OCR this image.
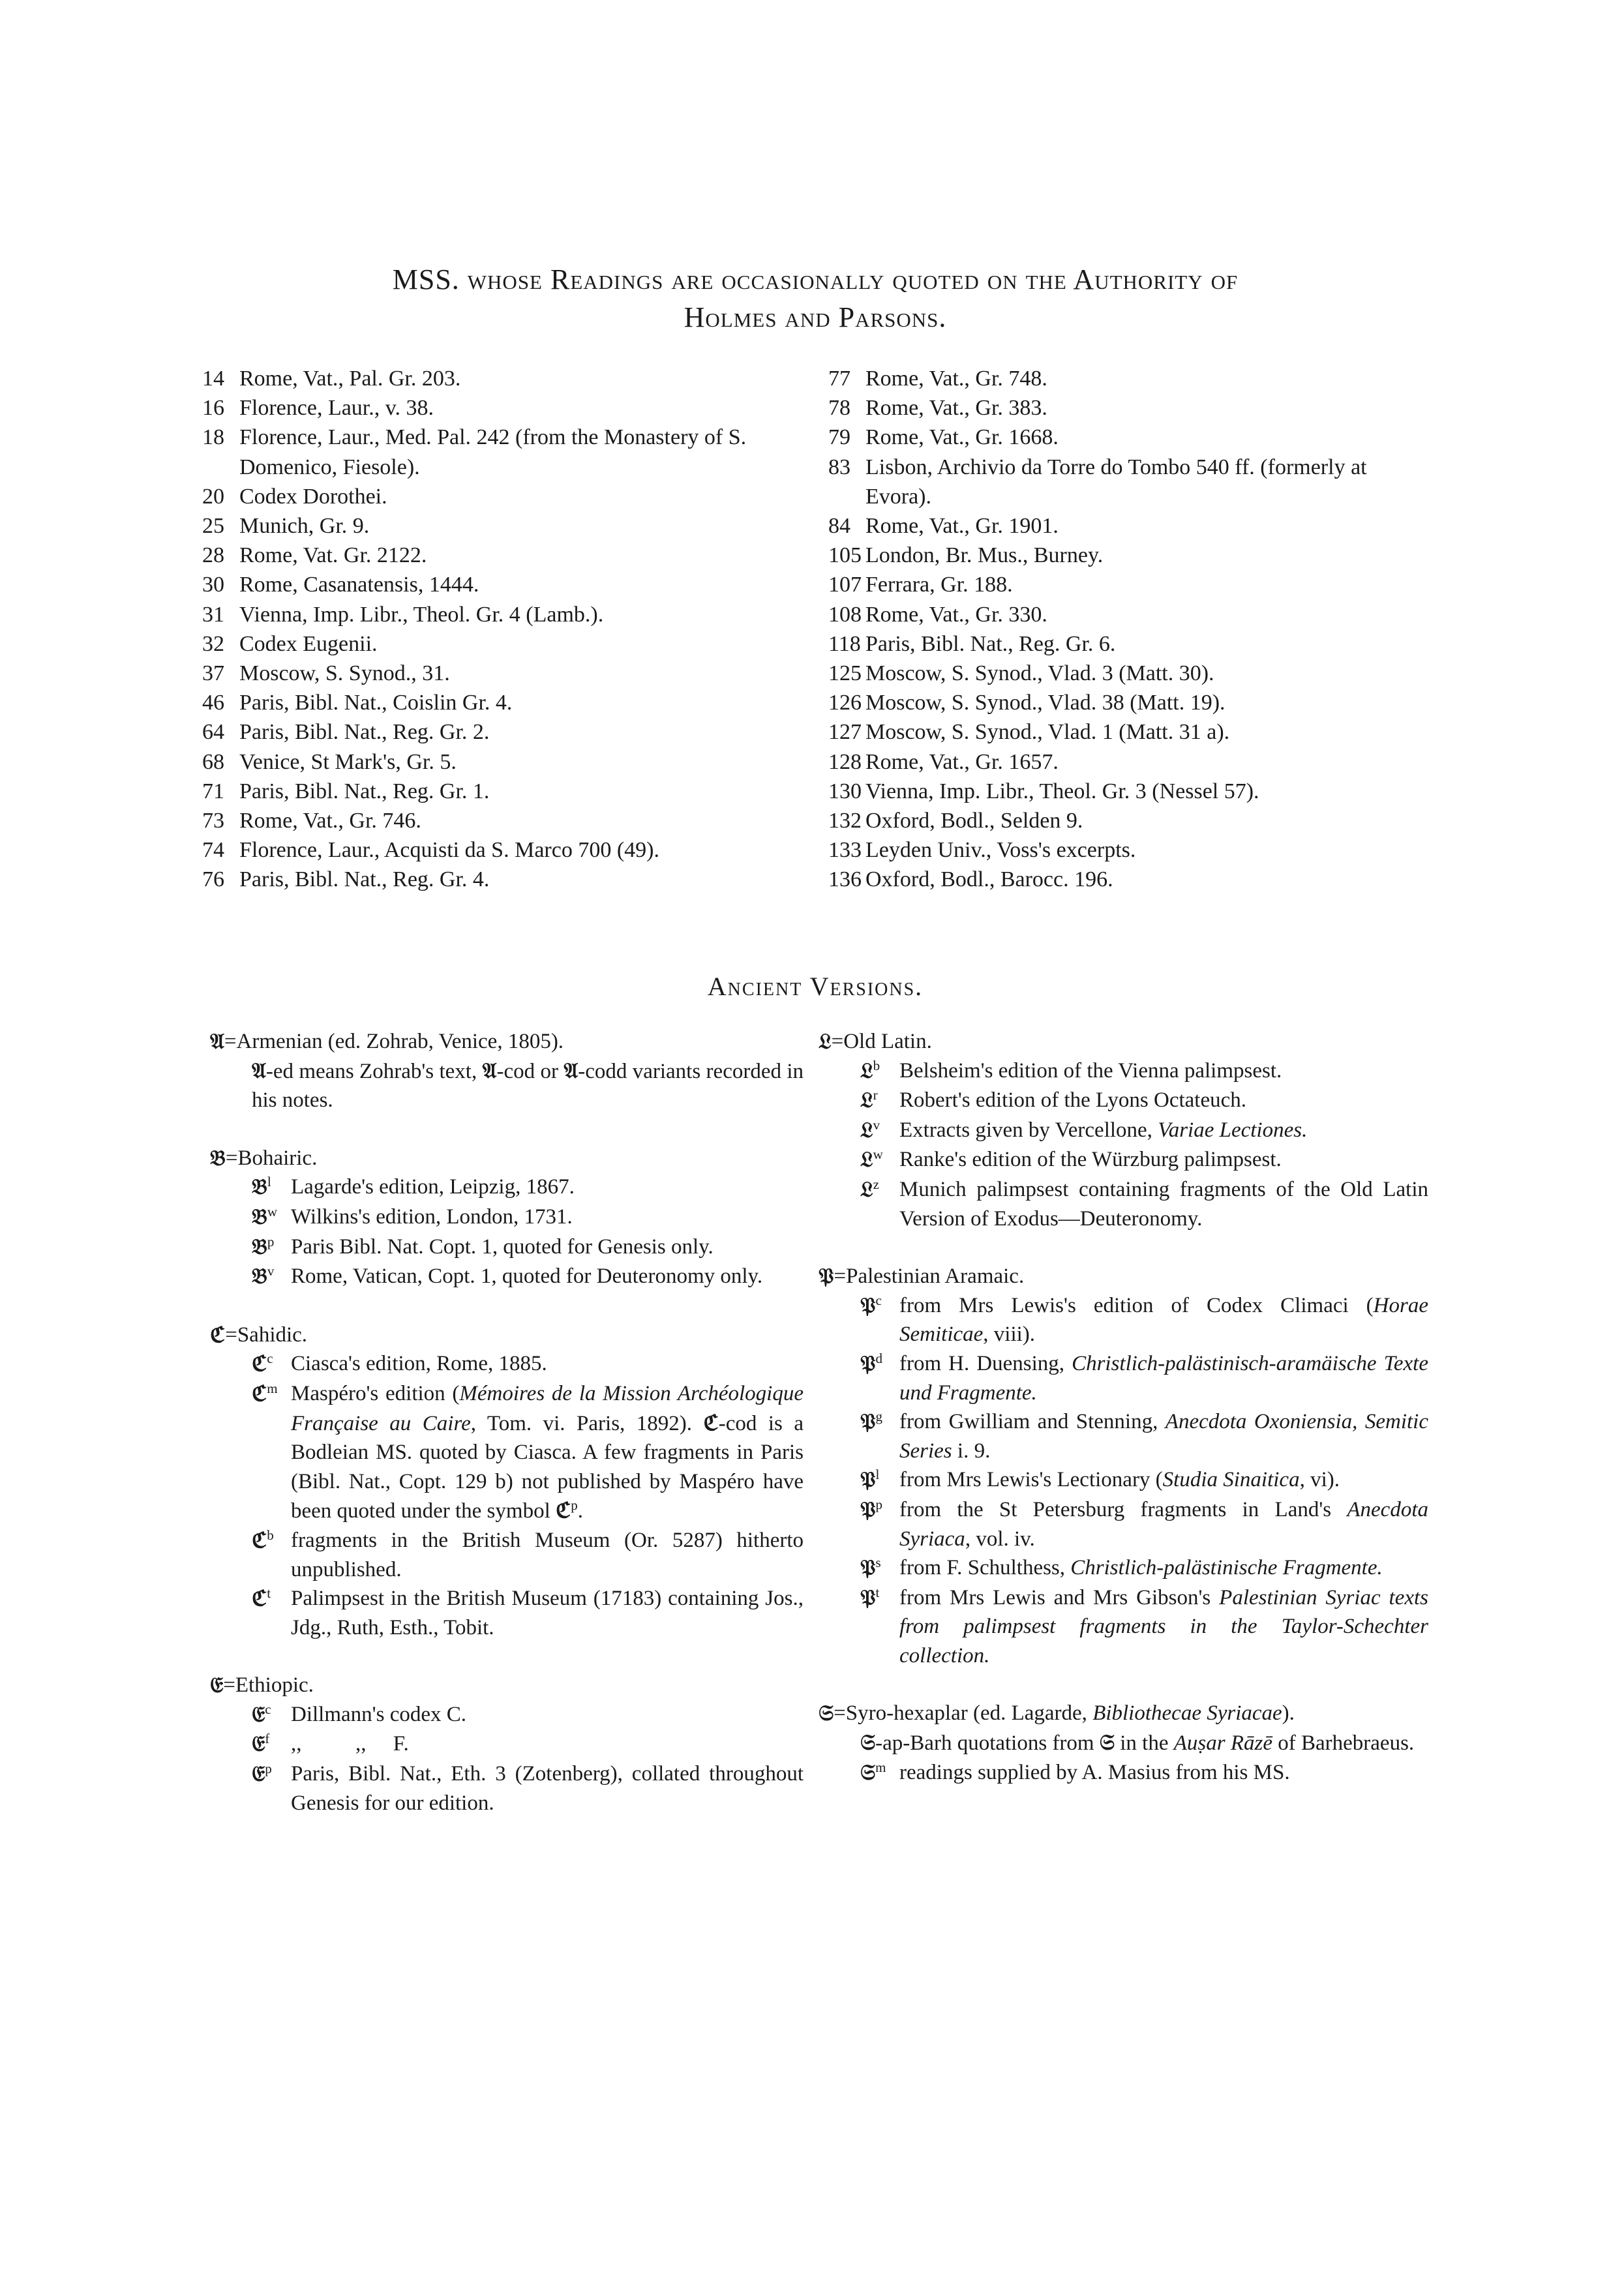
MSS. whose Readings are occasionally quoted on the Authority of
Holmes and Parsons.
14 Rome, Vat., Pal. Gr. 203.
16 Florence, Laur., v. 38.
18 Florence, Laur., Med. Pal. 242 (from the Monastery of S. Domenico, Fiesole).
20 Codex Dorothei.
25 Munich, Gr. 9.
28 Rome, Vat. Gr. 2122.
30 Rome, Casanatensis, 1444.
31 Vienna, Imp. Libr., Theol. Gr. 4 (Lamb.).
32 Codex Eugenii.
37 Moscow, S. Synod., 31.
46 Paris, Bibl. Nat., Coislin Gr. 4.
64 Paris, Bibl. Nat., Reg. Gr. 2.
68 Venice, St Mark's, Gr. 5.
71 Paris, Bibl. Nat., Reg. Gr. 1.
73 Rome, Vat., Gr. 746.
74 Florence, Laur., Acquisti da S. Marco 700 (49).
76 Paris, Bibl. Nat., Reg. Gr. 4.
77 Rome, Vat., Gr. 748.
78 Rome, Vat., Gr. 383.
79 Rome, Vat., Gr. 1668.
83 Lisbon, Archivio da Torre do Tombo 540 ff. (formerly at Evora).
84 Rome, Vat., Gr. 1901.
105 London, Br. Mus., Burney.
107 Ferrara, Gr. 188.
108 Rome, Vat., Gr. 330.
118 Paris, Bibl. Nat., Reg. Gr. 6.
125 Moscow, S. Synod., Vlad. 3 (Matt. 30).
126 Moscow, S. Synod., Vlad. 38 (Matt. 19).
127 Moscow, S. Synod., Vlad. 1 (Matt. 31 a).
128 Rome, Vat., Gr. 1657.
130 Vienna, Imp. Libr., Theol. Gr. 3 (Nessel 57).
132 Oxford, Bodl., Selden 9.
133 Leyden Univ., Voss's excerpts.
136 Oxford, Bodl., Barocc. 196.
Ancient Versions.
𝔄 =Armenian (ed. Zohrab, Venice, 1805).
𝔄-ed means Zohrab's text, 𝔄-cod or 𝔄-codd variants recorded in his notes.
𝔅 =Bohairic.
𝔅$^l$ Lagarde's edition, Leipzig, 1867.
𝔅$^w$ Wilkins's edition, London, 1731.
𝔅$^p$ Paris Bibl. Nat. Copt. 1, quoted for Genesis only.
𝔅$^v$ Rome, Vatican, Copt. 1, quoted for Deuteronomy only.
ℭ =Sahidic.
ℭ$^c$ Ciasca's edition, Rome, 1885.
ℭ$^m$ Maspéro's edition (Mémoires de la Mission Archéologique Française au Caire, Tom. vi. Paris, 1892). ℭ-cod is a Bodleian MS. quoted by Ciasca. A few fragments in Paris (Bibl. Nat., Copt. 129 b) not published by Maspéro have been quoted under the symbol ℭ$^p$.
ℭ$^b$ fragments in the British Museum (Or. 5287) hitherto unpublished.
ℭ$^t$ Palimpsest in the British Museum (17183) containing Jos., Jdg., Ruth, Esth., Tobit.
𝔈 =Ethiopic.
𝔈$^c$ Dillmann's codex C.
𝔈$^f$ ,,          ,,     F.
𝔈$^p$ Paris, Bibl. Nat., Eth. 3 (Zotenberg), collated throughout Genesis for our edition.
𝔏 =Old Latin.
𝔏$^b$ Belsheim's edition of the Vienna palimpsest.
𝔏$^r$	Robert's edition of the Lyons Octateuch.
𝔏$^v$ Extracts given by Vercellone, Variae Lectiones.
𝔏$^w$ Ranke's edition of the Würzburg palimpsest.
𝔏$^z$ Munich palimpsest containing fragments of the Old Latin Version of Exodus—Deuteronomy.
𝔓 =Palestinian Aramaic.
𝔓$^c$ from Mrs Lewis's edition of Codex Climaci (Horae Semiticae, viii).
𝔓$^d$ from H. Duensing, Christlich-palästinisch-aramäische Texte und Fragmente.
𝔓$^g$ from Gwilliam and Stenning, Anecdota Oxoniensia, Semitic Series i. 9.
𝔓$^l$ from Mrs Lewis's Lectionary (Studia Sinaitica, vi).
𝔓$^p$ from the St Petersburg fragments in Land's Anecdota Syriaca, vol. iv.
𝔓$^s$ from F. Schulthess, Christlich-palästinische Fragmente.
𝔓$^t$ from Mrs Lewis and Mrs Gibson's Palestinian Syriac texts from palimpsest fragments in the Taylor-Schechter collection.
𝔖 =Syro-hexaplar (ed. Lagarde, Bibliothecae Syriacae).
𝔖-ap-Barh quotations from 𝔖 in the Auṣar Rāzē of Barhebraeus.
𝔖$^m$ readings supplied by A. Masius from his MS.
